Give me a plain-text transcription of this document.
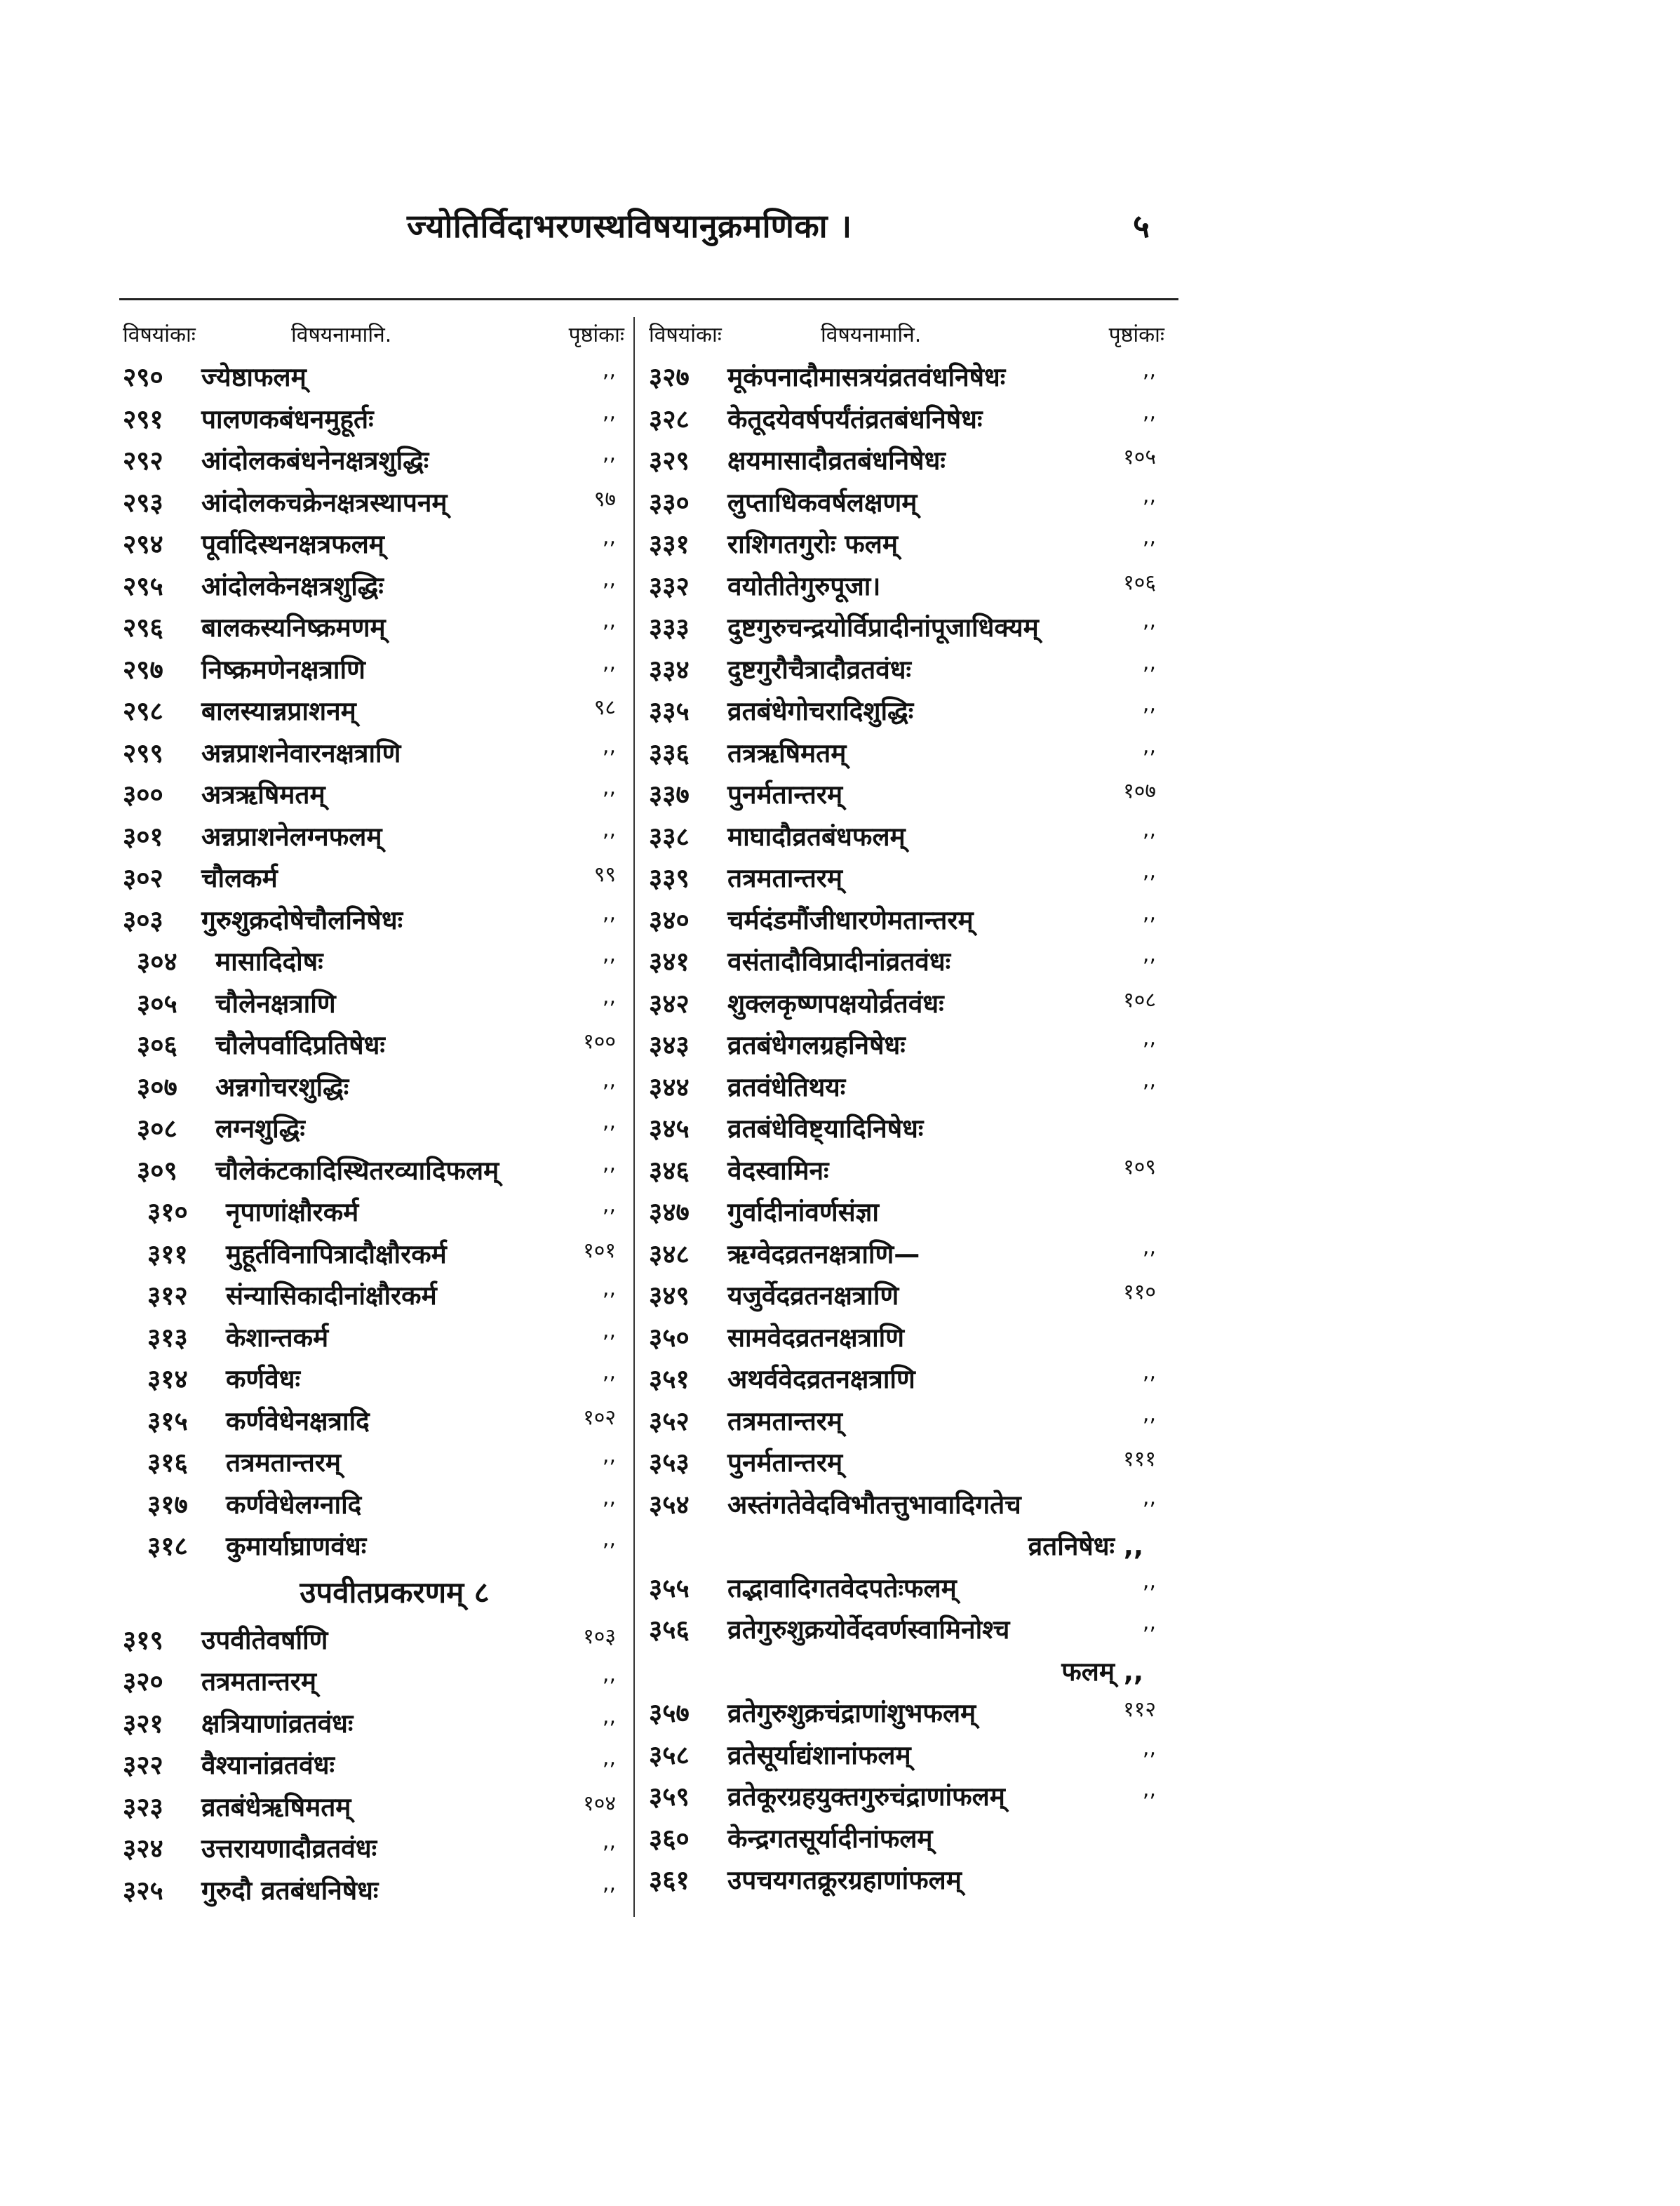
ज्योतिर्विदाभरणस्थविषयानुक्रमणिका ।	५
विषयांकाः	विषयनामानि.	पृष्ठांकाः
२९० ज्येष्ठाफलम्	,,
२९१ पालणकबंधनमुहूर्तः	,,
२९२ आंदोलकबंधनेनक्षत्रशुद्धिः	,,
२९३ आंदोलकचक्रेनक्षत्रस्थापनम्	९७
२९४ पूर्वादिस्थनक्षत्रफलम्	,,
२९५ आंदोलकेनक्षत्रशुद्धिः	,,
२९६ बालकस्यनिष्क्रमणम्	,,
२९७ निष्क्रमणेनक्षत्राणि	,,
२९८ बालस्यान्नप्राशनम्	९८
२९९ अन्नप्राशनेवारनक्षत्राणि	,,
३०० अत्रऋषिमतम्	,,
३०१ अन्नप्राशनेलग्नफलम्	,,
३०२ चौलकर्म	९९
३०३ गुरुशुक्रदोषेचौलनिषेधः	,,
३०४ मासादिदोषः	,,
३०५ चौलेनक्षत्राणि	,,
३०६ चौलेपर्वादिप्रतिषेधः	१००
३०७ अन्नगोचरशुद्धिः	,,
३०८ लग्नशुद्धिः	,,
३०९ चौलेकंटकादिस्थितरव्यादिफलम्	,,
३१० नृपाणांक्षौरकर्म	,,
३११ मुहूर्तविनापित्रादौक्षौरकर्म	१०१
३१२ संन्यासिकादीनांक्षौरकर्म	,,
३१३ केशान्तकर्म	,,
३१४ कर्णवेधः	,,
३१५ कर्णवेधेनक्षत्रादि	१०२
३१६ तत्रमतान्तरम्	,,
३१७ कर्णवेधेलग्नादि	,,
३१८ कुमार्याघ्राणवंधः	,,
उपवीतप्रकरणम् ८
३१९ उपवीतेवर्षाणि	१०३
३२० तत्रमतान्तरम्	,,
३२१ क्षत्रियाणांव्रतवंधः	,,
३२२ वैश्यानांव्रतवंधः	,,
३२३ व्रतबंधेऋषिमतम्	१०४
३२४ उत्तरायणादौव्रतवंधः	,,
३२५ गुरुदौ व्रतबंधनिषेधः	,,
विषयांकाः	विषयनामानि.	पृष्ठांकाः
३२७ मूकंपनादौमासत्रयंव्रतवंधनिषेधः	,,
३२८ केतूदयेवर्षपर्यंतंव्रतबंधनिषेधः	,,
३२९ क्षयमासादौव्रतबंधनिषेधः	१०५
३३० लुप्ताधिकवर्षलक्षणम्	,,
३३१ राशिगतगुरोः फलम्	,,
३३२ वयोतीतेगुरुपूजा।	१०६
३३३ दुष्टगुरुचन्द्रयोर्विप्रादीनांपूजाधिक्यम्	,,
३३४ दुष्टगुरौचैत्रादौव्रतवंधः	,,
३३५ व्रतबंधेगोचरादिशुद्धिः	,,
३३६ तत्रऋषिमतम्	,,
३३७ पुनर्मतान्तरम्	१०७
३३८ माघादौव्रतबंधफलम्	,,
३३९ तत्रमतान्तरम्	,,
३४० चर्मदंडमौंजीधारणेमतान्तरम्	,,
३४१ वसंतादौविप्रादीनांव्रतवंधः	,,
३४२ शुक्लकृष्णपक्षयोर्व्रतवंधः	१०८
३४३ व्रतबंधेगलग्रहनिषेधः	,,
३४४ व्रतवंधेतिथयः	,,
३४५ व्रतबंधेविष्ट्यादिनिषेधः
३४६ वेदस्वामिनः	१०९
३४७ गुर्वादीनांवर्णसंज्ञा
३४८ ऋग्वेदव्रतनक्षत्राणि—	,,
३४९ यजुर्वेदव्रतनक्षत्राणि	११०
३५० सामवेदव्रतनक्षत्राणि
३५१ अथर्ववेदव्रतनक्षत्राणि	,,
३५२ तत्रमतान्तरम्	,,
३५३ पुनर्मतान्तरम्	१११
३५४ अस्तंगतेवेदविभौतत्तुभावादिगतेच	,,
व्रतनिषेधः ,,
३५५ तद्भावादिगतवेदपतेःफलम्	,,
३५६ व्रतेगुरुशुक्रयोर्वेदवर्णस्वामिनोश्च	,,
फलम् ,,
३५७ व्रतेगुरुशुक्रचंद्राणांशुभफलम्	११२
३५८ व्रतेसूर्याद्यंशानांफलम्	,,
३५९ व्रतेकूरग्रहयुक्तगुरुचंद्राणांफलम्	,,
३६० केन्द्रगतसूर्यादीनांफलम्
३६१ उपचयगतक्रूरग्रहाणांफलम्
